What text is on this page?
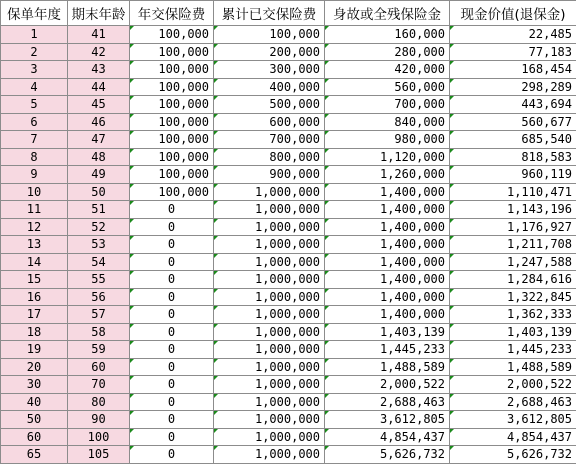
保单年度	期末年龄	年交保险费	累计已交保险费	身故或全残保险金	现金价值(退保金)
1	41	100,000	100,000	160,000	22,485
2	42	100,000	200,000	280,000	77,183
3	43	100,000	300,000	420,000	168,454
4	44	100,000	400,000	560,000	298,289
5	45	100,000	500,000	700,000	443,694
6	46	100,000	600,000	840,000	560,677
7	47	100,000	700,000	980,000	685,540
8	48	100,000	800,000	1,120,000	818,583
9	49	100,000	900,000	1,260,000	960,119
10	50	100,000	1,000,000	1,400,000	1,110,471
11	51	0	1,000,000	1,400,000	1,143,196
12	52	0	1,000,000	1,400,000	1,176,927
13	53	0	1,000,000	1,400,000	1,211,708
14	54	0	1,000,000	1,400,000	1,247,588
15	55	0	1,000,000	1,400,000	1,284,616
16	56	0	1,000,000	1,400,000	1,322,845
17	57	0	1,000,000	1,400,000	1,362,333
18	58	0	1,000,000	1,403,139	1,403,139
19	59	0	1,000,000	1,445,233	1,445,233
20	60	0	1,000,000	1,488,589	1,488,589
30	70	0	1,000,000	2,000,522	2,000,522
40	80	0	1,000,000	2,688,463	2,688,463
50	90	0	1,000,000	3,612,805	3,612,805
60	100	0	1,000,000	4,854,437	4,854,437
65	105	0	1,000,000	5,626,732	5,626,732
